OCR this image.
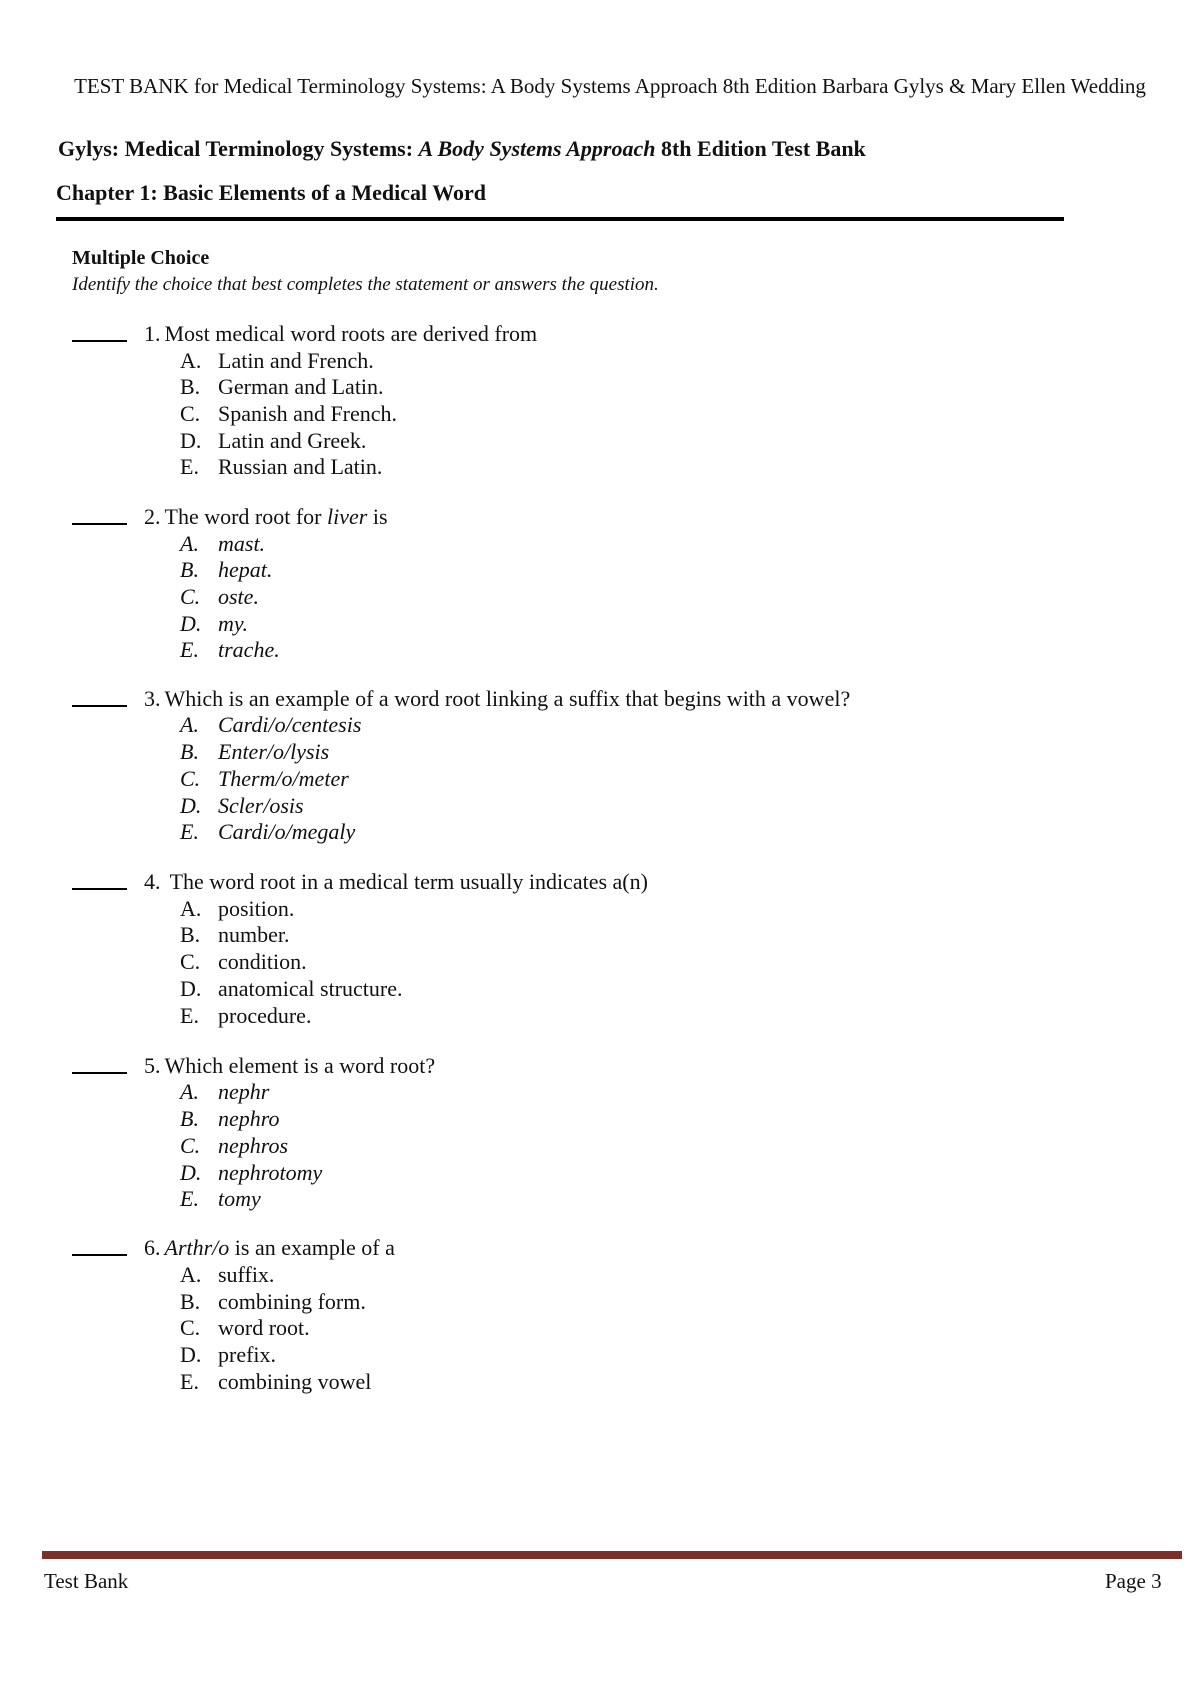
TEST BANK for Medical Terminology Systems: A Body Systems Approach 8th Edition Barbara Gylys & Mary Ellen Wedding
Gylys: Medical Terminology Systems: A Body Systems Approach 8th Edition Test Bank
Chapter 1: Basic Elements of a Medical Word
Multiple Choice
Identify the choice that best completes the statement or answers the question.
1. Most medical word roots are derived from
A. Latin and French.
B. German and Latin.
C. Spanish and French.
D. Latin and Greek.
E. Russian and Latin.
2. The word root for liver is
A. mast.
B. hepat.
C. oste.
D. my.
E. trache.
3. Which is an example of a word root linking a suffix that begins with a vowel?
A. Cardi/o/centesis
B. Enter/o/lysis
C. Therm/o/meter
D. Scler/osis
E. Cardi/o/megaly
4. The word root in a medical term usually indicates a(n)
A. position.
B. number.
C. condition.
D. anatomical structure.
E. procedure.
5. Which element is a word root?
A. nephr
B. nephro
C. nephros
D. nephrotomy
E. tomy
6. Arthr/o is an example of a
A. suffix.
B. combining form.
C. word root.
D. prefix.
E. combining vowel
Test Bank	Page 3
